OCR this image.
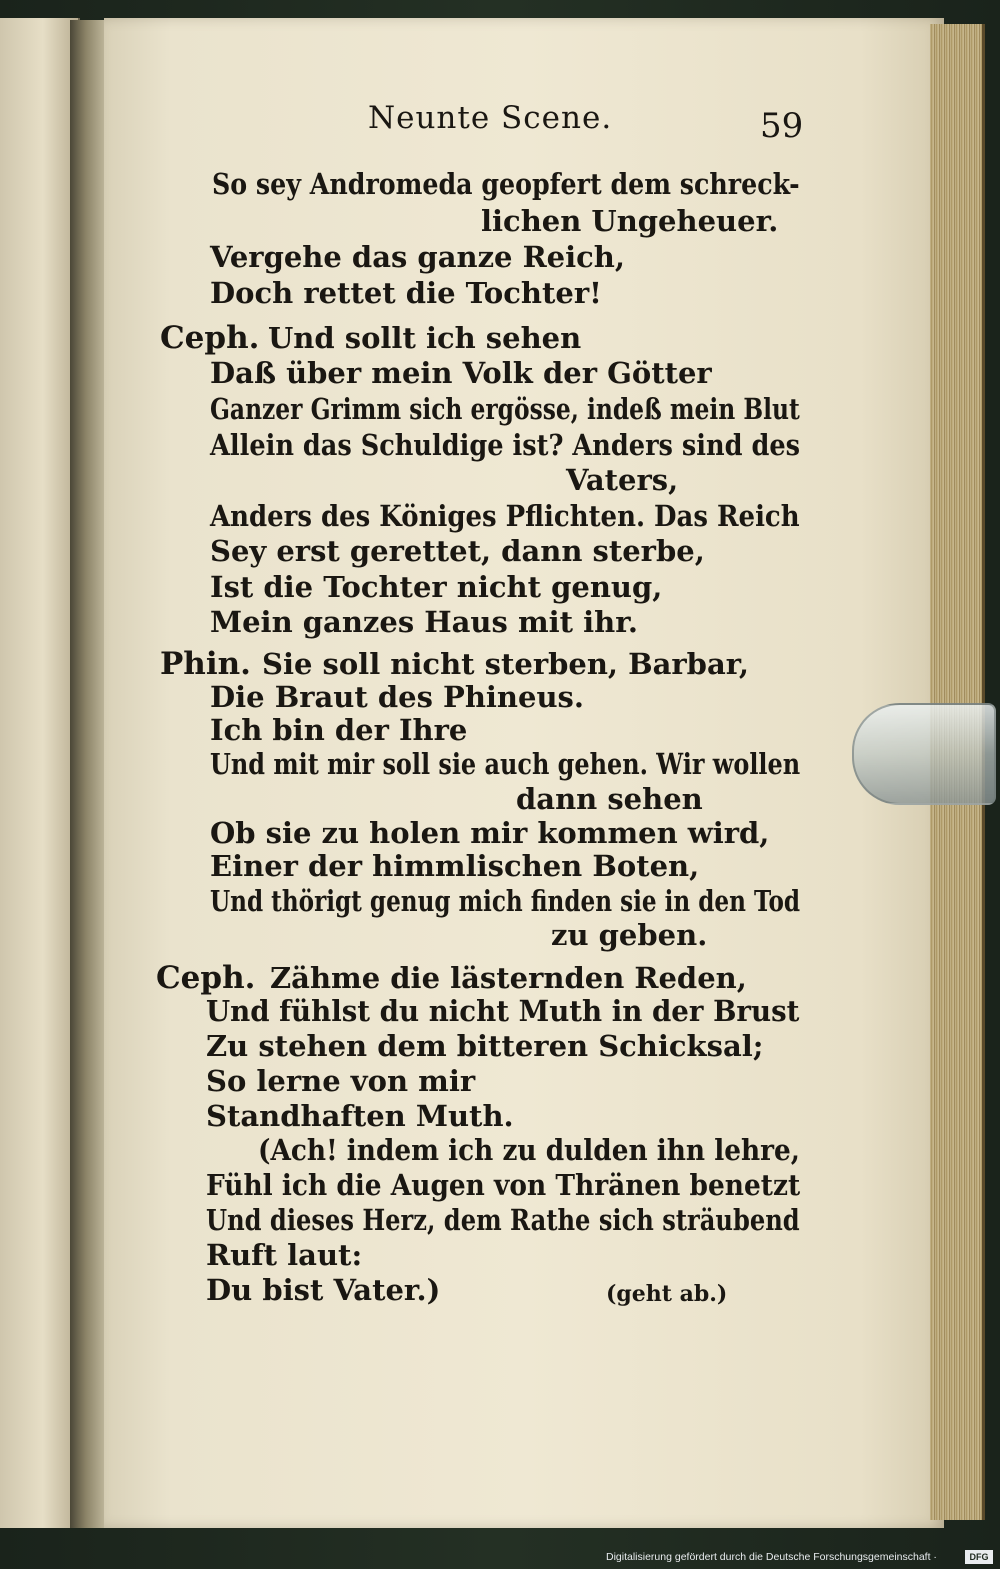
Neunte Scene.	59
So sey Andromeda geopfert dem schreck-
lichen Ungeheuer.
Vergehe das ganze Reich,
Doch rettet die Tochter!
Ceph. Und sollt ich sehen
Daß über mein Volk der Götter
Ganzer Grimm sich ergösse, indeß mein Blut
Allein das Schuldige ist? Anders sind des
Vaters,
Anders des Königes Pflichten. Das Reich
Sey erst gerettet, dann sterbe,
Ist die Tochter nicht genug,
Mein ganzes Haus mit ihr.
Phin. Sie soll nicht sterben, Barbar,
Die Braut des Phineus.
Ich bin der Ihre
Und mit mir soll sie auch gehen. Wir wollen
dann sehen
Ob sie zu holen mir kommen wird,
Einer der himmlischen Boten,
Und thörigt genug mich finden sie in den Tod
zu geben.
Ceph. Zähme die lästernden Reden,
Und fühlst du nicht Muth in der Brust
Zu stehen dem bitteren Schicksal;
So lerne von mir
Standhaften Muth.
(Ach! indem ich zu dulden ihn lehre,
Fühl ich die Augen von Thränen benetzt
Und dieses Herz, dem Rathe sich sträubend
Ruft laut:
Du bist Vater.)	(geht ab.)
Digitalisierung gefördert durch die Deutsche Forschungsgemeinschaft ·	DFG
